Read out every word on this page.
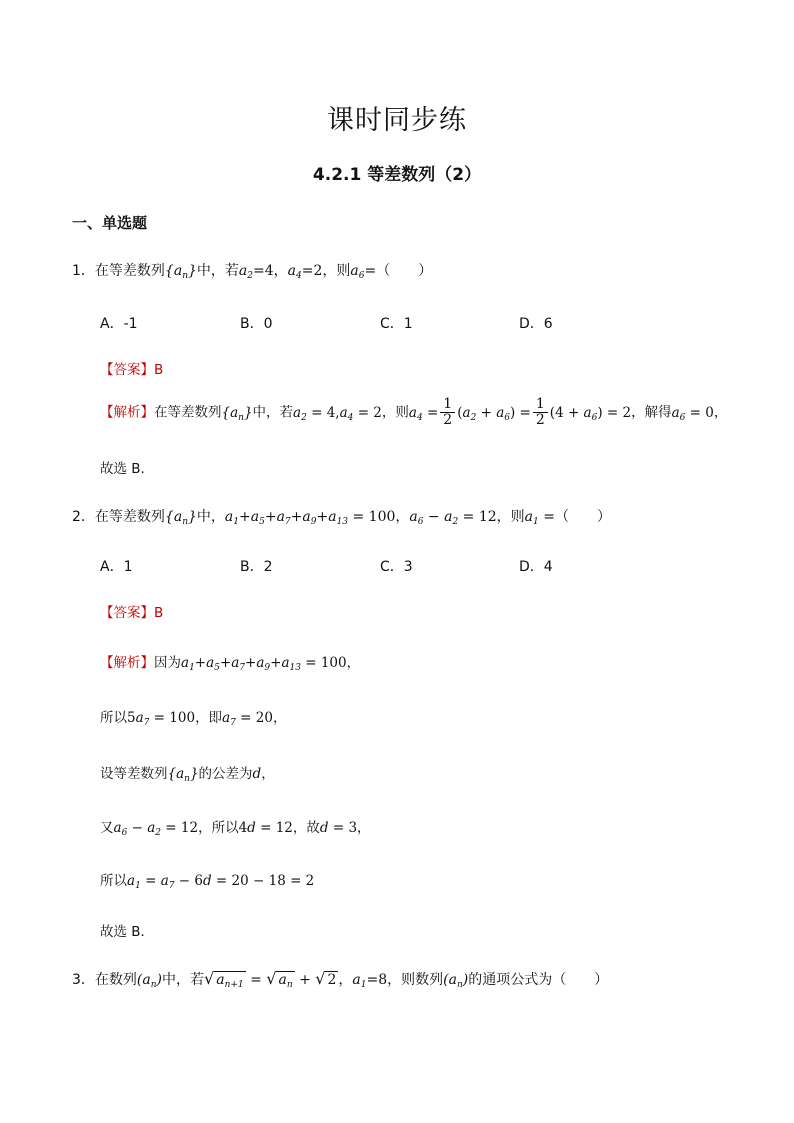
课时同步练
4.2.1 等差数列（2）
一、单选题
1．在等差数列$\{a_n\}$中，若$a_2=4$，$a_4=2$，则$a_6=$（　　）
A．-1	B．0	C．1	D．6
【答案】B
【解析】在等差数列$\{a_n\}$中，若$a_2 = 4,a_4 = 2$，则$a_4 = \frac{1}{2} (a_2 + a_6) = \frac{1}{2} (4 + a_6) = 2$，解得$a_6 = 0$，
故选 B.
2．在等差数列$\{a_n\}$中，$a_1+a_5+a_7+a_9+a_{13} = 100$，$a_6 - a_2 = 12$，则$a_1$ =（　　）
A．1	B．2	C．3	D．4
【答案】B
【解析】因为$a_1+a_5+a_7+a_9+a_{13} = 100$，
所以$5a_7 = 100$，即$a_7 = 20$，
设等差数列$\{a_n\}$的公差为d，
又$a_6 - a_2 = 12$，所以4d = 12，故d = 3，
所以$a_1 = a_7 - 6d = 20 - 18 = 2$
故选 B．
3．在数列$(a_n)$中，若√ $a_{n+1}$ = √ $a_n$ + √ 2 ，$a_1=8$，则数列$(a_n)$的通项公式为（　　）
